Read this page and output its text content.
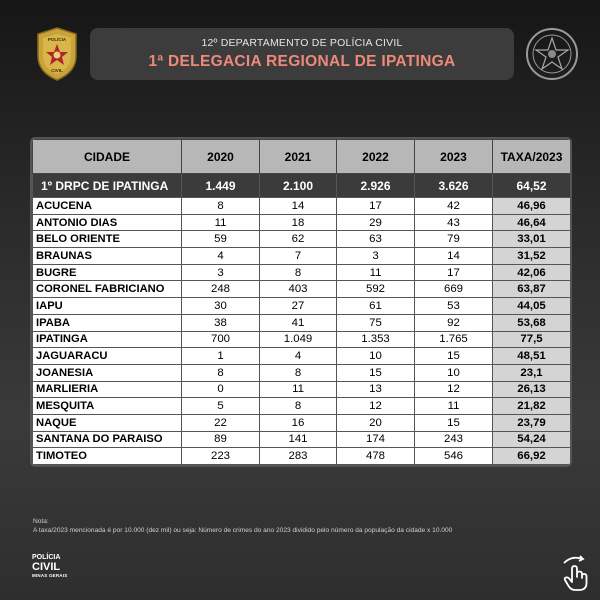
POLÍCIA
CIVIL
12º DEPARTAMENTO DE POLÍCIA CIVIL
1ª DELEGACIA REGIONAL DE IPATINGA
CIDADE	2020	2021	2022	2023	TAXA/2023
1º DRPC DE IPATINGA	1.449	2.100	2.926	3.626	64,52
ACUCENA	8	14	17	42	46,96
ANTONIO DIAS	11	18	29	43	46,64
BELO ORIENTE	59	62	63	79	33,01
BRAUNAS	4	7	3	14	31,52
BUGRE	3	8	11	17	42,06
CORONEL FABRICIANO	248	403	592	669	63,87
IAPU	30	27	61	53	44,05
IPABA	38	41	75	92	53,68
IPATINGA	700	1.049	1.353	1.765	77,5
JAGUARACU	1	4	10	15	48,51
JOANESIA	8	8	15	10	23,1
MARLIERIA	0	11	13	12	26,13
MESQUITA	5	8	12	11	21,82
NAQUE	22	16	20	15	23,79
SANTANA DO PARAISO	89	141	174	243	54,24
TIMOTEO	223	283	478	546	66,92
Nota:
A taxa/2023 mencionada é por 10.000 (dez mil) ou seja: Número de crimes do ano 2023 dividido pelo número da população da cidade x 10.000
POLÍCIA
CIVIL
MINAS GERAIS
